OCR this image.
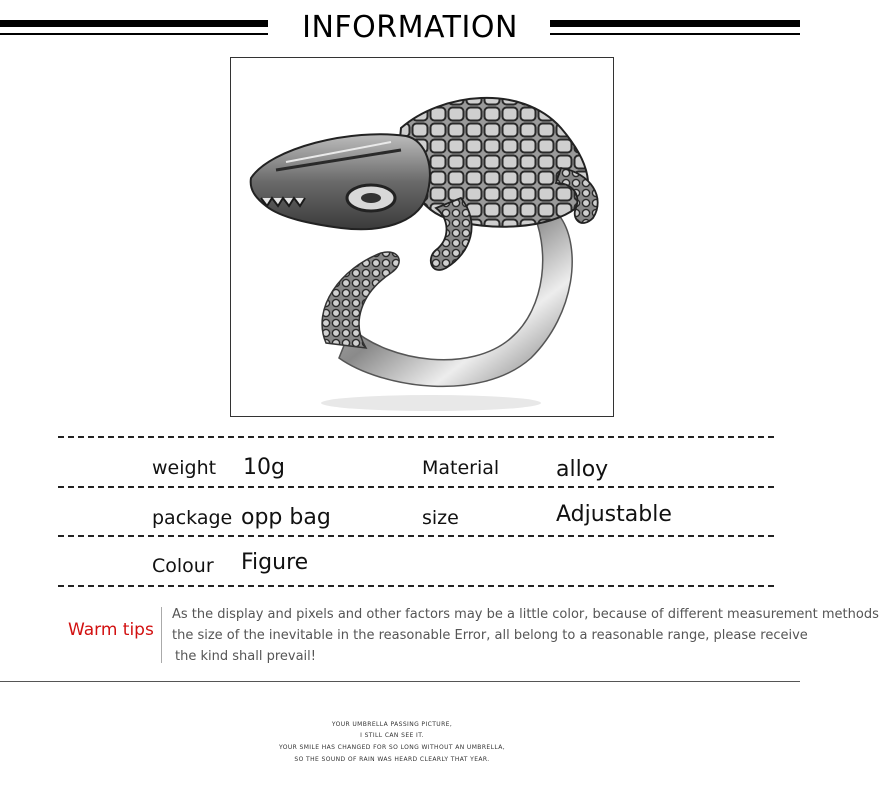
INFORMATION
weight 10g	Material	alloy
package opp bag	size	Adjustable
Colour Figure
Warm tips
As the display and pixels and other factors may be a little color, because of different measurement methods
the size of the inevitable in the reasonable Error, all belong to a reasonable range, please receive
the kind shall prevail!
YOUR UMBRELLA PASSING PICTURE,
I STILL CAN SEE IT.
YOUR SMILE HAS CHANGED FOR SO LONG WITHOUT AN UMBRELLA,
SO THE SOUND OF RAIN WAS HEARD CLEARLY THAT YEAR.
